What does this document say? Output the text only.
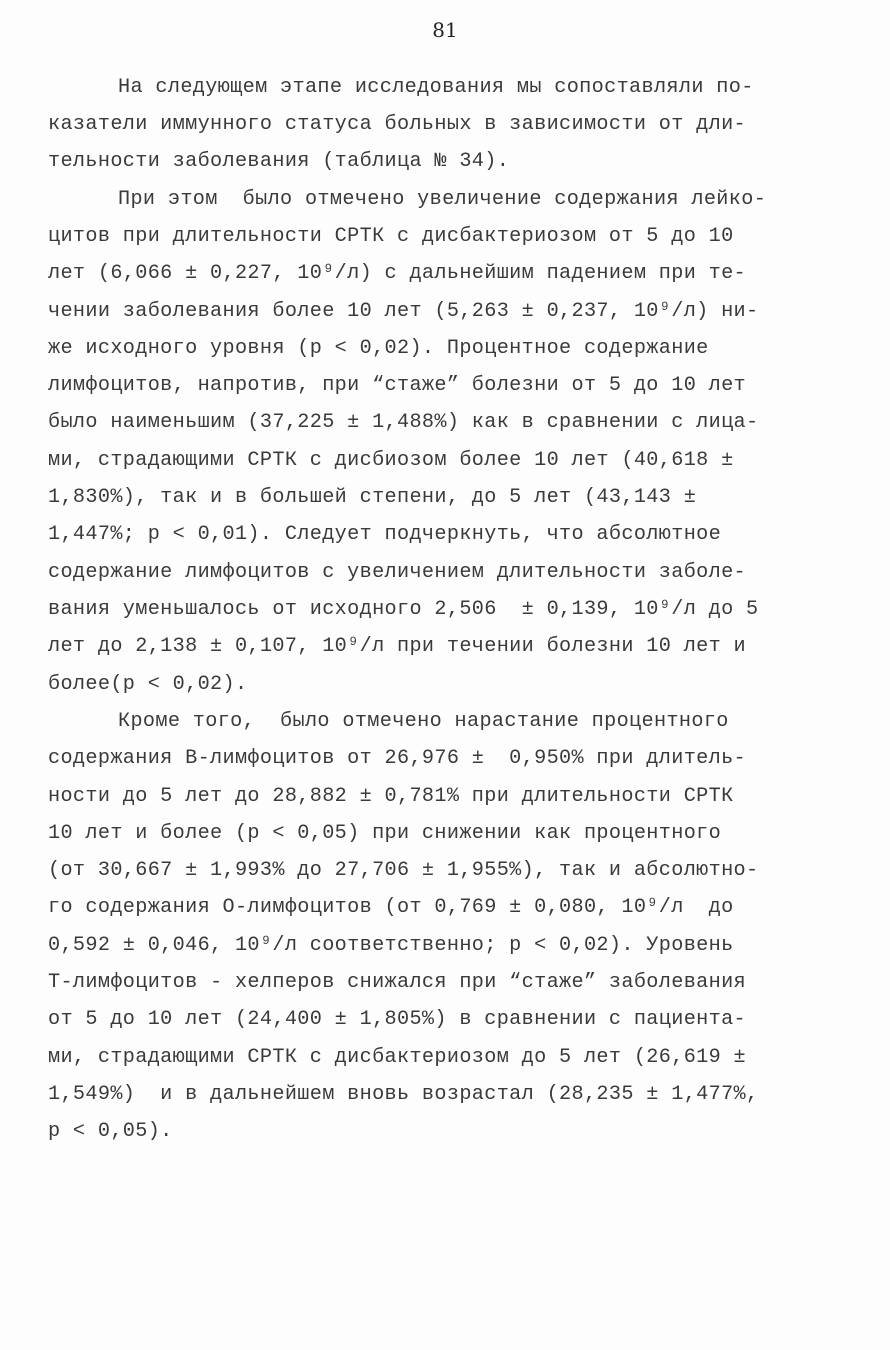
81

На следующем этапе исследования мы сопоставляли по-

казатели иммунного статуса больных в зависимости от дли-

тельности заболевания (таблица № 34).

При этом  было отмечено увеличение содержания лейко-

цитов при длительности СРТК с дисбактериозом от 5 до 10

лет (6,066 ± 0,227, 10⁹/л) с дальнейшим падением при те-

чении заболевания более 10 лет (5,263 ± 0,237, 10⁹/л) ни-

же исходного уровня (р < 0,02). Процентное содержание

лимфоцитов, напротив, при “стаже” болезни от 5 до 10 лет

было наименьшим (37,225 ± 1,488%) как в сравнении с лица-

ми, страдающими СРТК с дисбиозом более 10 лет (40,618 ±

1,830%), так и в большей степени, до 5 лет (43,143 ±

1,447%; р < 0,01). Следует подчеркнуть, что абсолютное

содержание лимфоцитов с увеличением длительности заболе-

вания уменьшалось от исходного 2,506  ± 0,139, 10⁹/л до 5

лет до 2,138 ± 0,107, 10⁹/л при течении болезни 10 лет и

более(р < 0,02).

Кроме того,  было отмечено нарастание процентного

содержания В-лимфоцитов от 26,976 ±  0,950% при длитель-

ности до 5 лет до 28,882 ± 0,781% при длительности СРТК

10 лет и более (р < 0,05) при снижении как процентного

(от 30,667 ± 1,993% до 27,706 ± 1,955%), так и абсолютно-

го содержания О-лимфоцитов (от 0,769 ± 0,080, 10⁹/л  до

0,592 ± 0,046, 10⁹/л соответственно; р < 0,02). Уровень

Т-лимфоцитов - хелперов снижался при “стаже” заболевания

от 5 до 10 лет (24,400 ± 1,805%) в сравнении с пациента-

ми, страдающими СРТК с дисбактериозом до 5 лет (26,619 ±

1,549%)  и в дальнейшем вновь возрастал (28,235 ± 1,477%,

р < 0,05).
